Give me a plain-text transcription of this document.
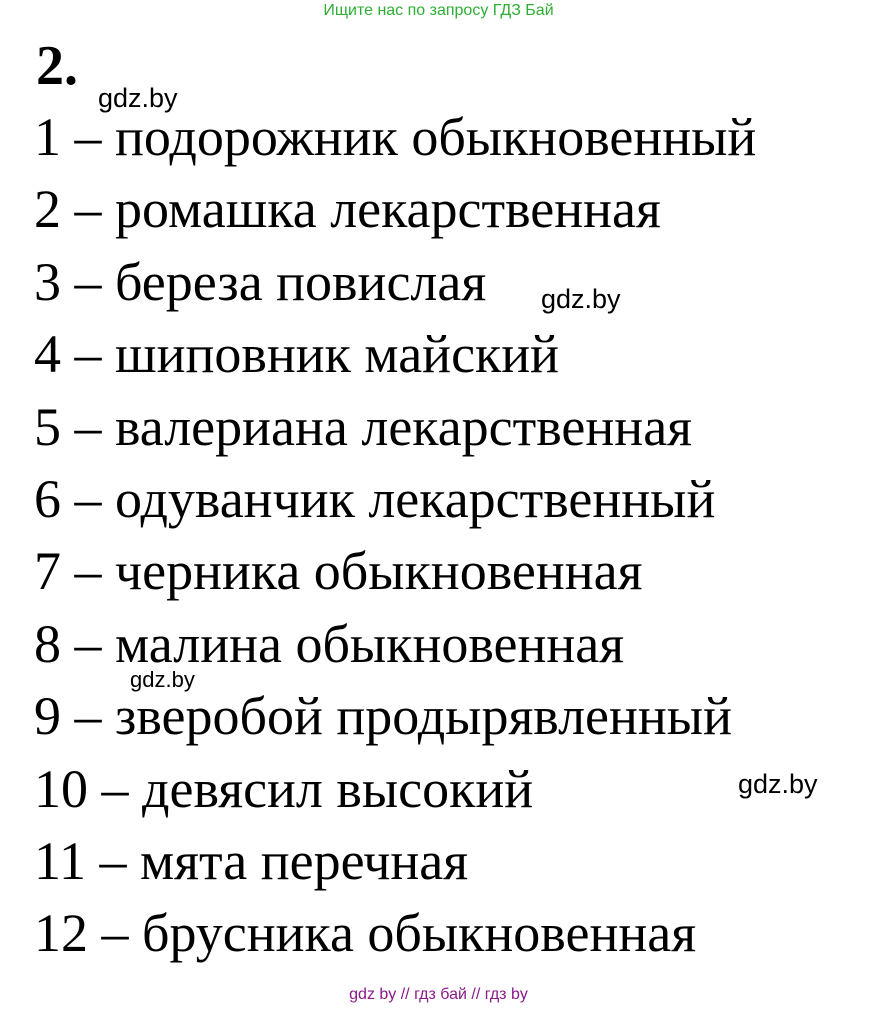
Ищите нас по запросу ГДЗ Бай
2.
1 – подорожник обыкновенный
2 – ромашка лекарственная
3 – береза повислая
4 – шиповник майский
5 – валериана лекарственная
6 – одуванчик лекарственный
7 – черника обыкновенная
8 – малина обыкновенная
9 – зверобой продырявленный
10 – девясил высокий
11 – мята перечная
12 – брусника обыкновенная
gdz.by
gdz.by
gdz.by
gdz.by
gdz by // гдз бай // гдз by
